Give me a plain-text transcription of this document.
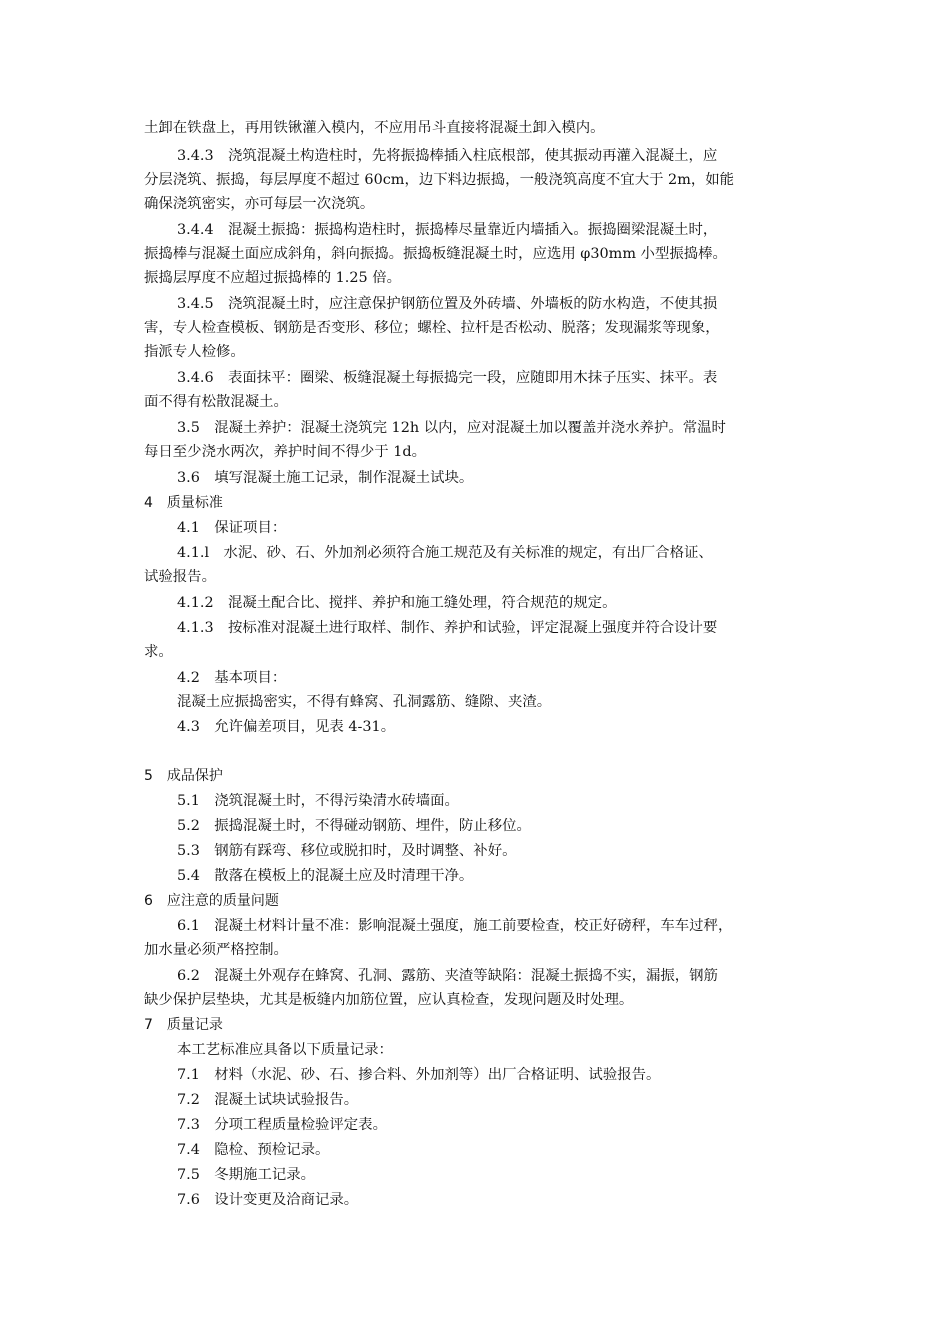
土卸在铁盘上，再用铁锹灌入模内，不应用吊斗直接将混凝土卸入模内。
3.4.3　浇筑混凝土构造柱时，先将振捣棒插入柱底根部，使其振动再灌入混凝土，应
分层浇筑、振捣，每层厚度不超过 60cm，边下料边振捣，一般浇筑高度不宜大于 2m，如能
确保浇筑密实，亦可每层一次浇筑。
3.4.4　混凝土振捣：振捣构造柱时，振捣棒尽量靠近内墙插入。振捣圈梁混凝土时，
振捣棒与混凝土面应成斜角，斜向振捣。振捣板缝混凝土时，应选用 φ30mm 小型振捣棒。
振捣层厚度不应超过振捣棒的 1.25 倍。
3.4.5　浇筑混凝土时，应注意保护钢筋位置及外砖墙、外墙板的防水构造，不使其损
害，专人检查模板、钢筋是否变形、移位；螺栓、拉杆是否松动、脱落；发现漏浆等现象，
指派专人检修。
3.4.6　表面抹平：圈梁、板缝混凝土每振捣完一段，应随即用木抹子压实、抹平。表
面不得有松散混凝土。
3.5　混凝土养护：混凝土浇筑完 12h 以内，应对混凝土加以覆盖并浇水养护。常温时
每日至少浇水两次，养护时间不得少于 1d。
3.6　填写混凝土施工记录，制作混凝土试块。
4　质量标准
4.1　保证项目：
4.1.l　水泥、砂、石、外加剂必须符合施工规范及有关标准的规定，有出厂合格证、
试验报告。
4.1.2　混凝土配合比、搅拌、养护和施工缝处理，符合规范的规定。
4.1.3　按标准对混凝土进行取样、制作、养护和试验，评定混凝上强度并符合设计要
求。
4.2　基本项目：
混凝土应振捣密实，不得有蜂窝、孔洞露筋、缝隙、夹渣。
4.3　允许偏差项目，见表 4-31。
5　成品保护
5.1　浇筑混凝土时，不得污染清水砖墙面。
5.2　振捣混凝土时，不得碰动钢筋、埋件，防止移位。
5.3　钢筋有踩弯、移位或脱扣时，及时调整、补好。
5.4　散落在模板上的混凝土应及时清理干净。
6　应注意的质量问题
6.1　混凝土材料计量不准：影响混凝土强度，施工前要检查，校正好磅秤，车车过秤，
加水量必须严格控制。
6.2　混凝土外观存在蜂窝、孔洞、露筋、夹渣等缺陷：混凝土振捣不实，漏振，钢筋
缺少保护层垫块，尤其是板缝内加筋位置，应认真检查，发现问题及时处理。
7　质量记录
本工艺标准应具备以下质量记录：
7.1　材料（水泥、砂、石、掺合料、外加剂等）出厂合格证明、试验报告。
7.2　混凝土试块试验报告。
7.3　分项工程质量检验评定表。
7.4　隐检、预检记录。
7.5　冬期施工记录。
7.6　设计变更及洽商记录。
